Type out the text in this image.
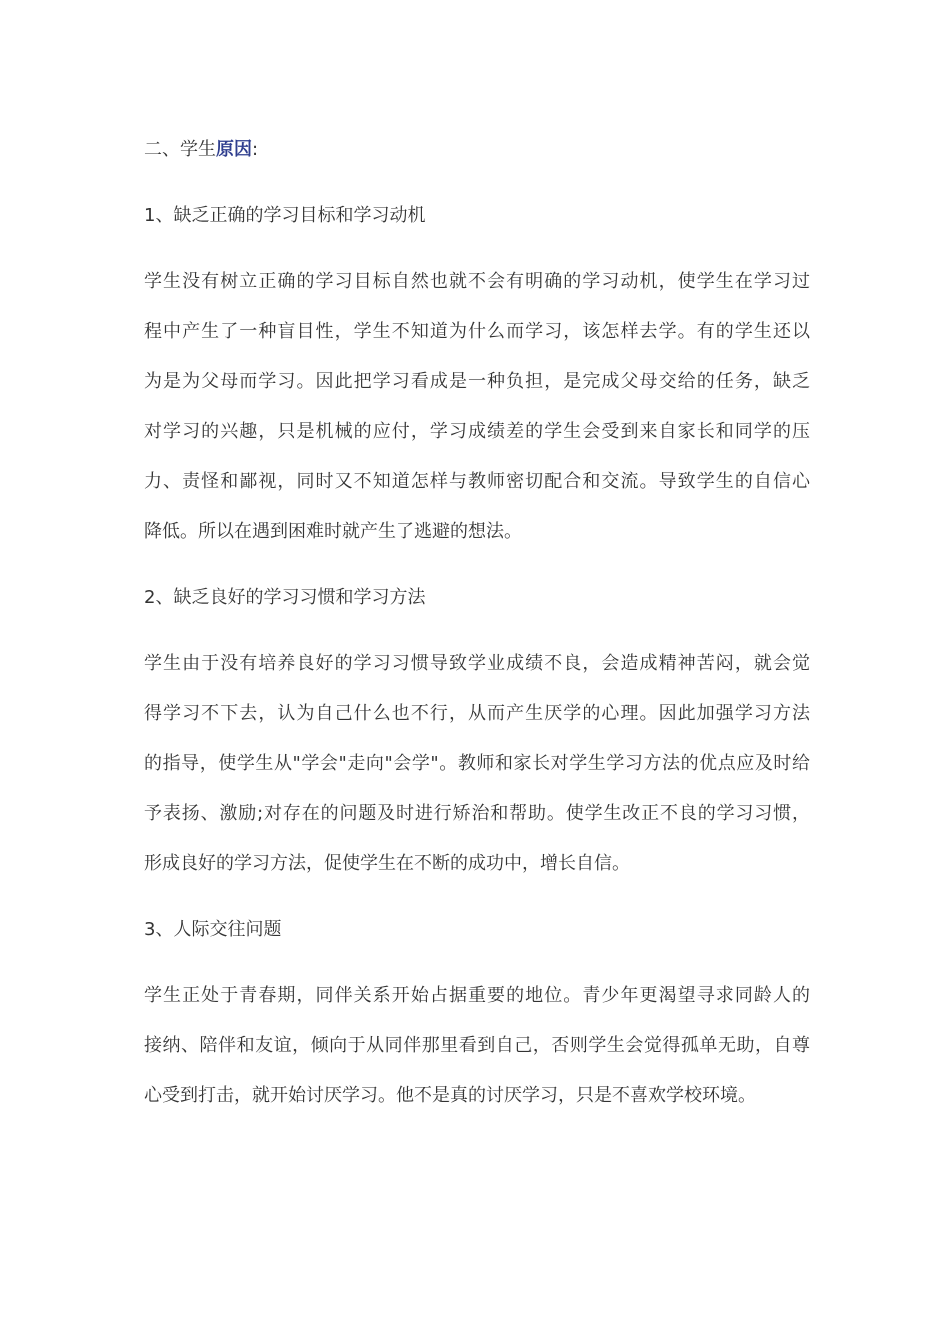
二、学生原因:
1、缺乏正确的学习目标和学习动机
学生没有树立正确的学习目标自然也就不会有明确的学习动机，使学生在学习过
程中产生了一种盲目性，学生不知道为什么而学习，该怎样去学。有的学生还以
为是为父母而学习。因此把学习看成是一种负担，是完成父母交给的任务，缺乏
对学习的兴趣，只是机械的应付，学习成绩差的学生会受到来自家长和同学的压
力、责怪和鄙视，同时又不知道怎样与教师密切配合和交流。导致学生的自信心
降低。所以在遇到困难时就产生了逃避的想法。
2、缺乏良好的学习习惯和学习方法
学生由于没有培养良好的学习习惯导致学业成绩不良，会造成精神苦闷，就会觉
得学习不下去，认为自己什么也不行，从而产生厌学的心理。因此加强学习方法
的指导，使学生从"学会"走向"会学"。教师和家长对学生学习方法的优点应及时给
予表扬、激励;对存在的问题及时进行矫治和帮助。使学生改正不良的学习习惯，
形成良好的学习方法，促使学生在不断的成功中，增长自信。
3、人际交往问题
学生正处于青春期，同伴关系开始占据重要的地位。青少年更渴望寻求同龄人的
接纳、陪伴和友谊，倾向于从同伴那里看到自己，否则学生会觉得孤单无助，自尊
心受到打击，就开始讨厌学习。他不是真的讨厌学习，只是不喜欢学校环境。
